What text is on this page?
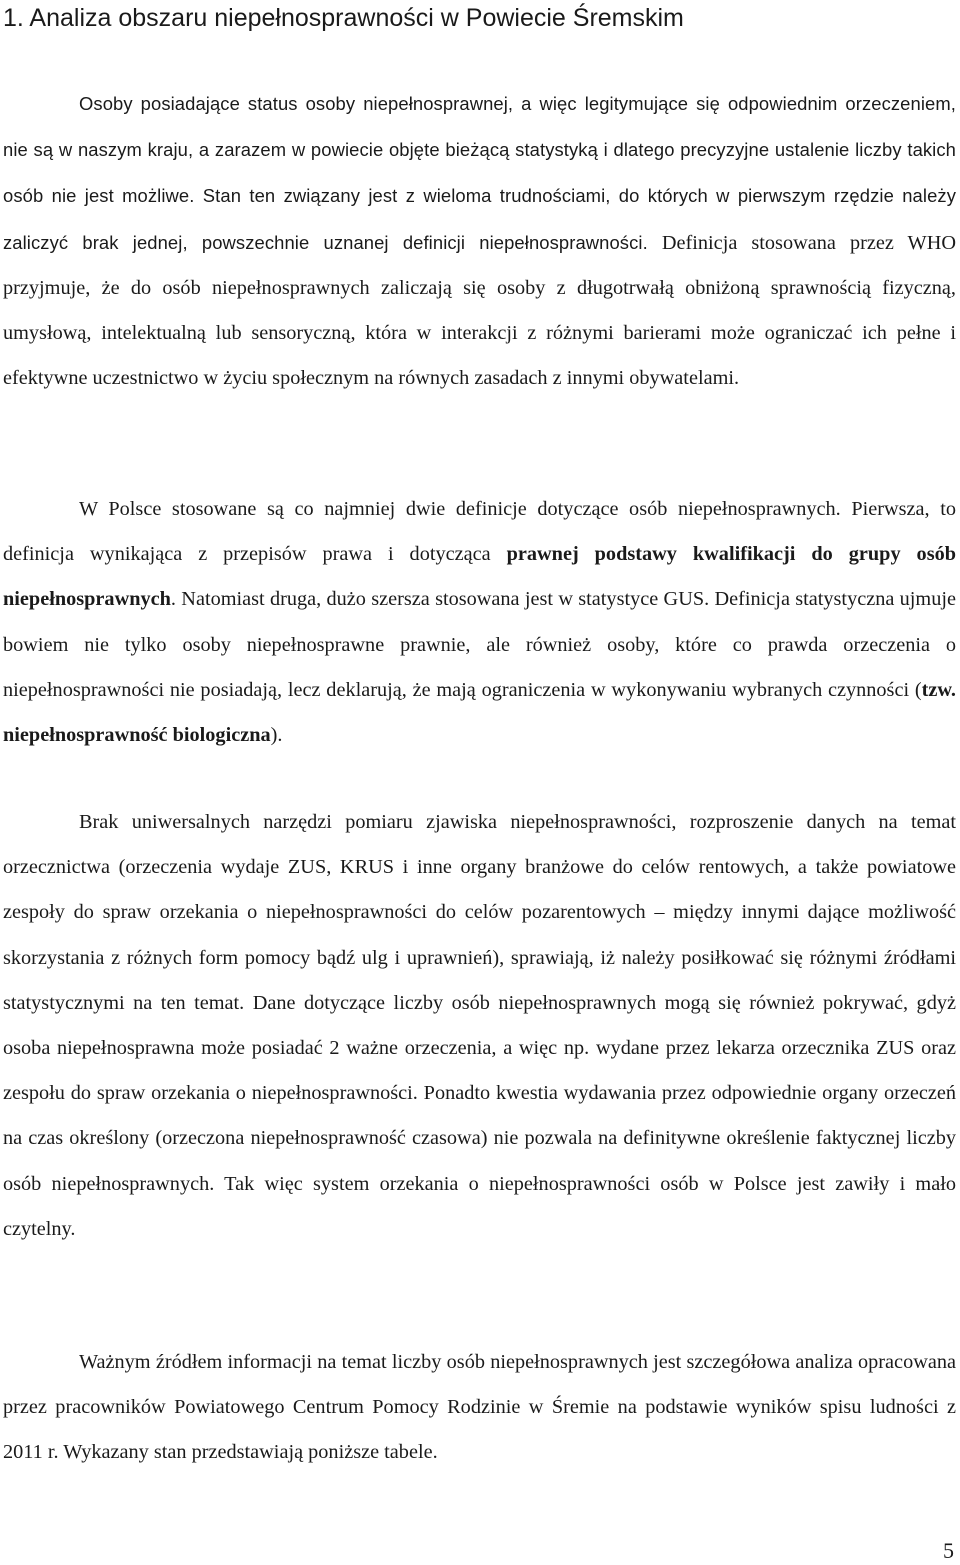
1. Analiza obszaru niepełnosprawności w Powiecie Śremskim

Osoby posiadające status osoby niepełnosprawnej, a więc legitymujące się odpowiednim orzeczeniem, nie są w naszym kraju, a zarazem w powiecie objęte bieżącą statystyką i dlatego precyzyjne ustalenie liczby takich osób nie jest możliwe. Stan ten związany jest z wieloma trudnościami, do których w pierwszym rzędzie należy zaliczyć brak jednej, powszechnie uznanej definicji niepełnosprawności. Definicja stosowana przez WHO przyjmuje, że do osób niepełnosprawnych zaliczają się osoby z długotrwałą obniżoną sprawnością fizyczną, umysłową, intelektualną lub sensoryczną, która w interakcji z różnymi barierami może ograniczać ich pełne i efektywne uczestnictwo w życiu społecznym na równych zasadach z innymi obywatelami.

W Polsce stosowane są co najmniej dwie definicje dotyczące osób niepełnosprawnych. Pierwsza, to definicja wynikająca z przepisów prawa i dotycząca prawnej podstawy kwalifikacji do grupy osób niepełnosprawnych. Natomiast druga, dużo szersza stosowana jest w statystyce GUS. Definicja statystyczna ujmuje bowiem nie tylko osoby niepełnosprawne prawnie, ale również osoby, które co prawda orzeczenia o niepełnosprawności nie posiadają, lecz deklarują, że mają ograniczenia w wykonywaniu wybranych czynności (tzw. niepełnosprawność biologiczna).

Brak uniwersalnych narzędzi pomiaru zjawiska niepełnosprawności, rozproszenie danych na temat orzecznictwa (orzeczenia wydaje ZUS, KRUS i inne organy branżowe do celów rentowych, a także powiatowe zespoły do spraw orzekania o niepełnosprawności do celów pozarentowych – między innymi dające możliwość skorzystania z różnych form pomocy bądź ulg i uprawnień), sprawiają, iż należy posiłkować się różnymi źródłami statystycznymi na ten temat. Dane dotyczące liczby osób niepełnosprawnych mogą się również pokrywać, gdyż osoba niepełnosprawna może posiadać 2 ważne orzeczenia, a więc np. wydane przez lekarza orzecznika ZUS oraz zespołu do spraw orzekania o niepełnosprawności. Ponadto kwestia wydawania przez odpowiednie organy orzeczeń na czas określony (orzeczona niepełnosprawność czasowa) nie pozwala na definitywne określenie faktycznej liczby osób niepełnosprawnych. Tak więc system orzekania o niepełnosprawności osób w Polsce jest zawiły i mało czytelny.

Ważnym źródłem informacji na temat liczby osób niepełnosprawnych jest szczegółowa analiza opracowana przez pracowników Powiatowego Centrum Pomocy Rodzinie w Śremie na podstawie wyników spisu ludności z 2011 r. Wykazany stan przedstawiają poniższe tabele.

5
